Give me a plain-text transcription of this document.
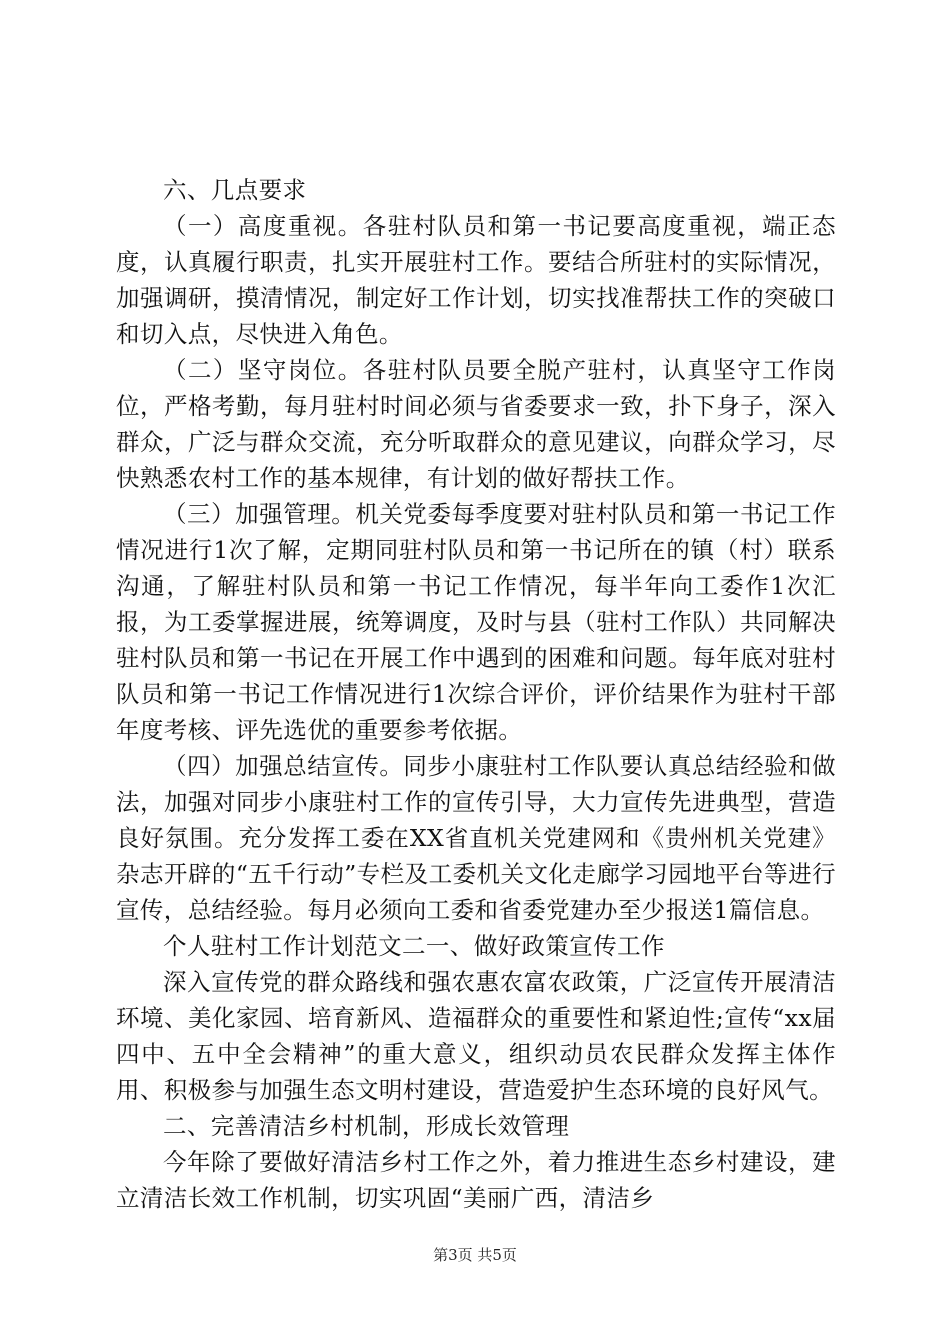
六、几点要求

（一）高度重视。各驻村队员和第一书记要高度重视，端正态度，认真履行职责，扎实开展驻村工作。要结合所驻村的实际情况，加强调研，摸清情况，制定好工作计划，切实找准帮扶工作的突破口和切入点，尽快进入角色。

（二）坚守岗位。各驻村队员要全脱产驻村，认真坚守工作岗位，严格考勤，每月驻村时间必须与省委要求一致，扑下身子，深入群众，广泛与群众交流，充分听取群众的意见建议，向群众学习，尽快熟悉农村工作的基本规律，有计划的做好帮扶工作。

（三）加强管理。机关党委每季度要对驻村队员和第一书记工作情况进行1次了解，定期同驻村队员和第一书记所在的镇（村）联系沟通，了解驻村队员和第一书记工作情况，每半年向工委作1次汇报，为工委掌握进展，统筹调度，及时与县（驻村工作队）共同解决驻村队员和第一书记在开展工作中遇到的困难和问题。每年底对驻村队员和第一书记工作情况进行1次综合评价，评价结果作为驻村干部年度考核、评先选优的重要参考依据。

（四）加强总结宣传。同步小康驻村工作队要认真总结经验和做法，加强对同步小康驻村工作的宣传引导，大力宣传先进典型，营造良好氛围。充分发挥工委在XX省直机关党建网和《贵州机关党建》杂志开辟的“五千行动”专栏及工委机关文化走廊学习园地平台等进行宣传，总结经验。每月必须向工委和省委党建办至少报送1篇信息。

个人驻村工作计划范文二一、做好政策宣传工作

深入宣传党的群众路线和强农惠农富农政策，广泛宣传开展清洁环境、美化家园、培育新风、造福群众的重要性和紧迫性;宣传“xx届四中、五中全会精神”的重大意义，组织动员农民群众发挥主体作用、积极参与加强生态文明村建设，营造爱护生态环境的良好风气。

二、完善清洁乡村机制，形成长效管理

今年除了要做好清洁乡村工作之外，着力推进生态乡村建设，建立清洁长效工作机制，切实巩固“美丽广西，清洁乡

第3页 共5页
